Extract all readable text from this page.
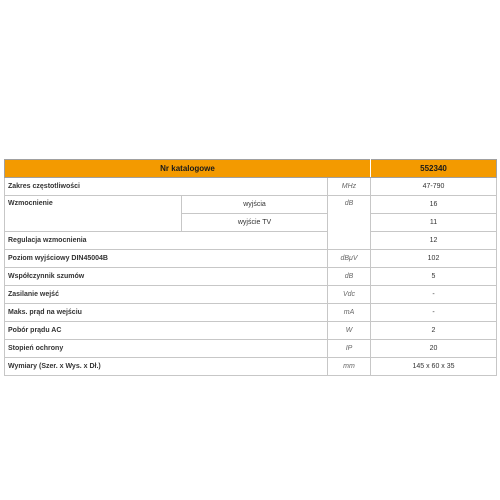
Nr katalogowe			552340
Zakres częstotliwości		MHz	47-790
Wzmocnienie	wyjścia	dB	16
	wyjście TV		11
Regulacja wzmocnienia			12
Poziom wyjściowy DIN45004B		dBμV	102
Współczynnik szumów		dB	5
Zasilanie wejść		Vdc	-
Maks. prąd na wejściu		mA	-
Pobór prądu AC		W	2
Stopień ochrony		IP	20
Wymiary (Szer. x Wys. x Dł.)		mm	145 x 60 x 35
